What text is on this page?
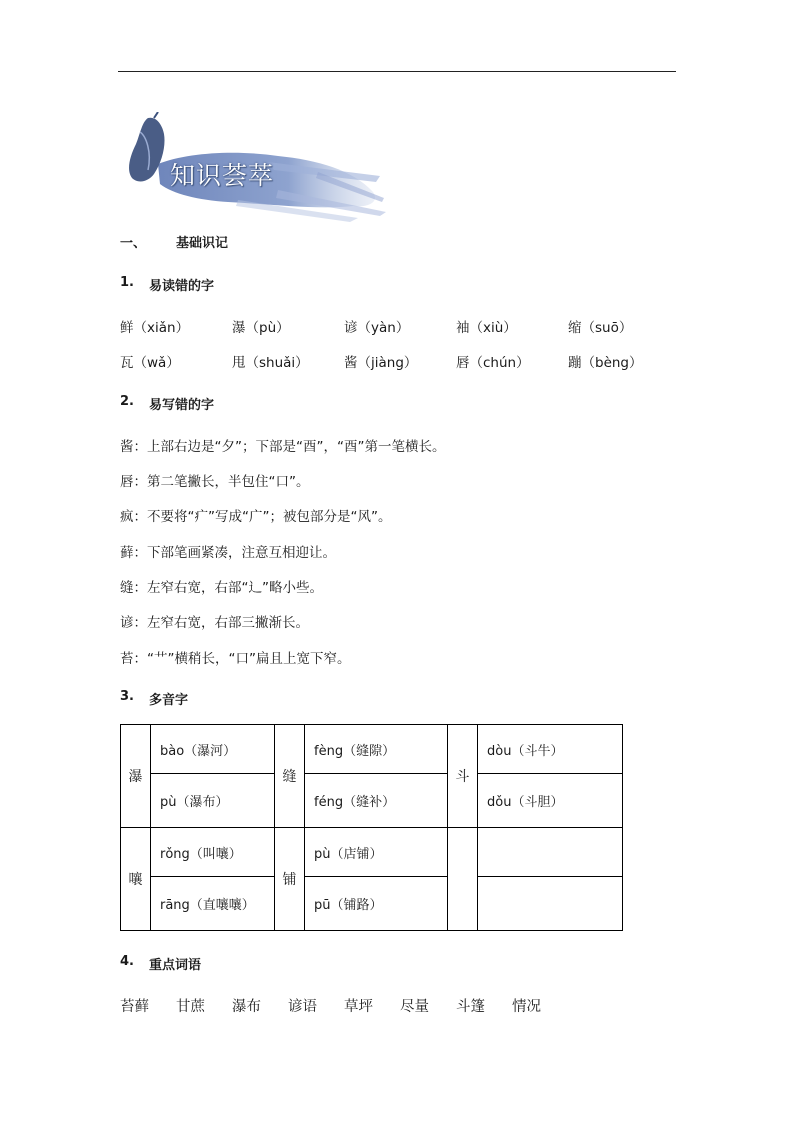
知识荟萃
一、 基础识记
1. 易读错的字
鲜（xiǎn）	瀑（pù）	谚（yàn）	袖（xiù）	缩（suō）
瓦（wǎ）	甩（shuǎi）	酱（jiàng）	唇（chún）	蹦（bèng）
2. 易写错的字
酱：上部右边是“夕”；下部是“酉”，“酉”第一笔横长。
唇：第二笔撇长，半包住“口”。
疯：不要将“疒”写成“广”；被包部分是“风”。
藓：下部笔画紧凑，注意互相迎让。
缝：左窄右宽，右部“辶”略小些。
谚：左窄右宽，右部三撇渐长。
苔：“艹”横稍长，“口”扁且上宽下窄。
3. 多音字
瀑	bào（瀑河）	缝	fèng（缝隙）	斗	dòu（斗牛）
	pù（瀑布）		féng（缝补）		dǒu（斗胆）
嚷	rǒng（叫嚷）	铺	pù（店铺）		
	rāng（直嚷嚷）		pū（铺路）		
4. 重点词语
苔藓 甘蔗 瀑布 谚语 草坪 尽量 斗篷 情况
